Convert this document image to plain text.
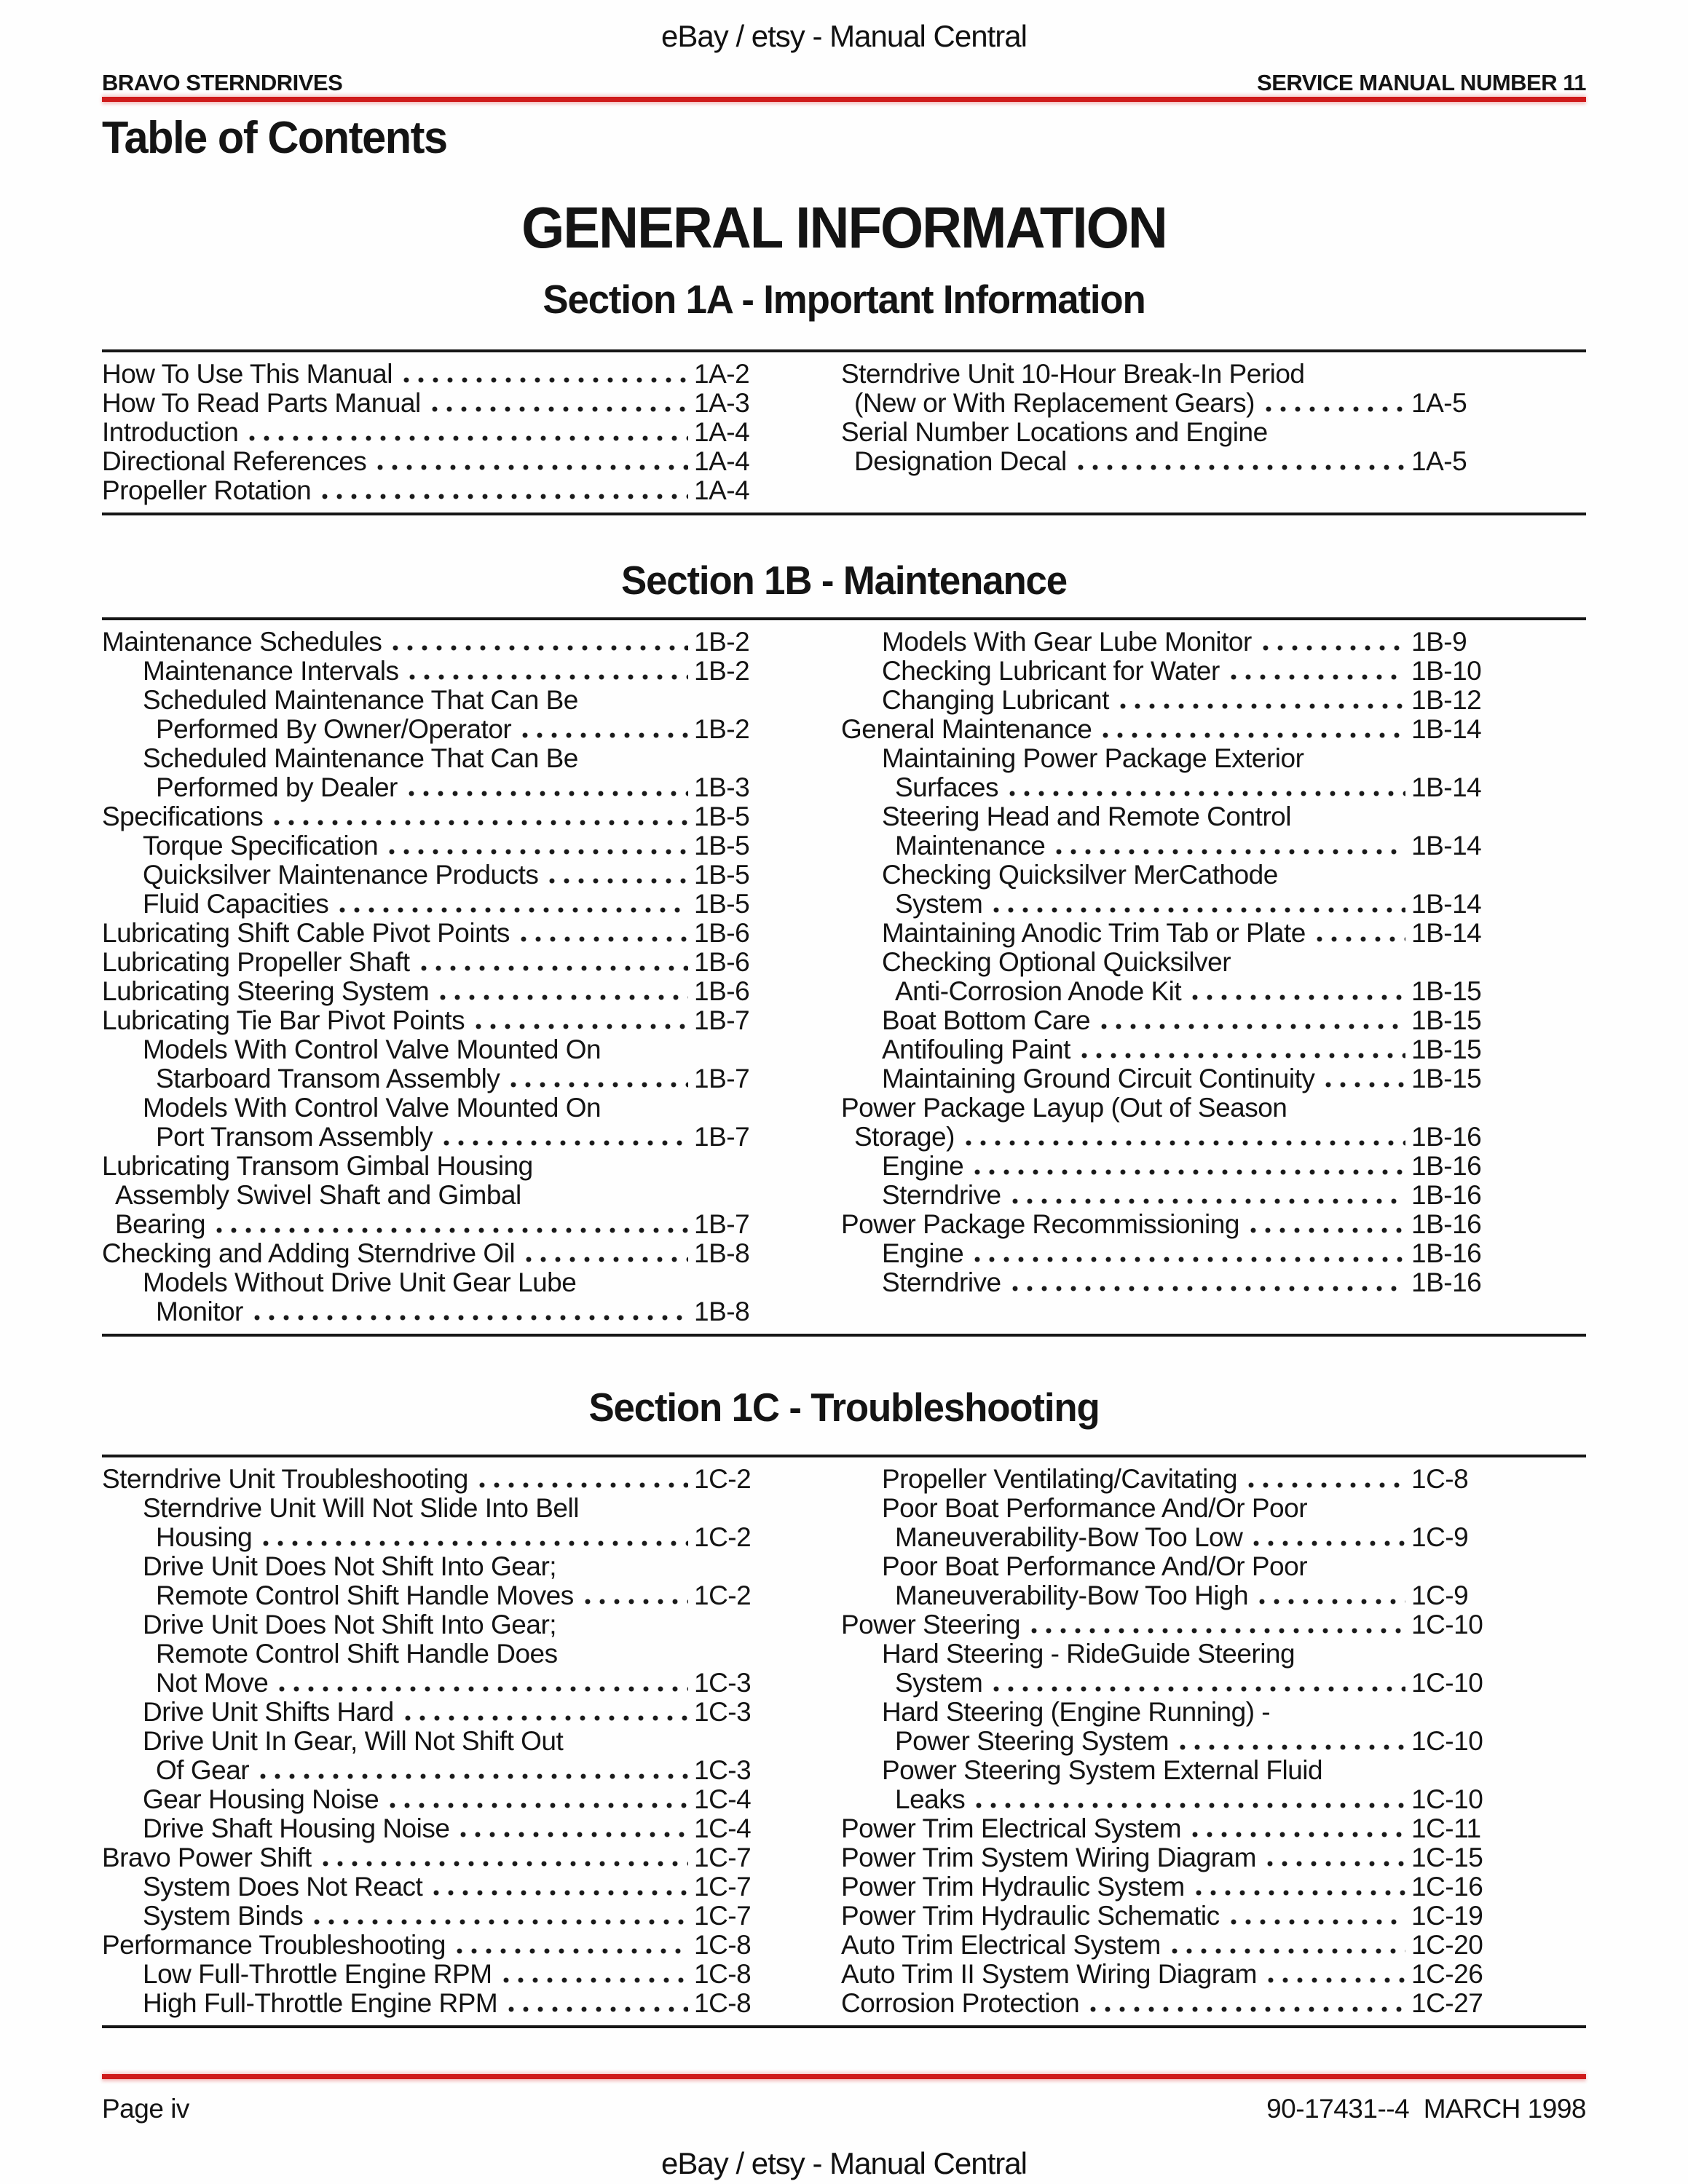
eBay / etsy - Manual Central
BRAVO STERNDRIVES	SERVICE MANUAL NUMBER 11
Table of Contents
GENERAL INFORMATION
Section 1A - Important Information
How To Use This Manual	1A-2
How To Read Parts Manual	1A-3
Introduction	1A-4
Directional References	1A-4
Propeller Rotation	1A-4
Sterndrive Unit 10-Hour Break-In Period
(New or With Replacement Gears)	1A-5
Serial Number Locations and Engine
Designation Decal	1A-5
Section 1B - Maintenance
Maintenance Schedules	1B-2
Maintenance Intervals	1B-2
Scheduled Maintenance That Can Be
Performed By Owner/Operator	1B-2
Scheduled Maintenance That Can Be
Performed by Dealer	1B-3
Specifications	1B-5
Torque Specification	1B-5
Quicksilver Maintenance Products	1B-5
Fluid Capacities	1B-5
Lubricating Shift Cable Pivot Points	1B-6
Lubricating Propeller Shaft	1B-6
Lubricating Steering System	1B-6
Lubricating Tie Bar Pivot Points	1B-7
Models With Control Valve Mounted On
Starboard Transom Assembly	1B-7
Models With Control Valve Mounted On
Port Transom Assembly	1B-7
Lubricating Transom Gimbal Housing
Assembly Swivel Shaft and Gimbal
Bearing	1B-7
Checking and Adding Sterndrive Oil	1B-8
Models Without Drive Unit Gear Lube
Monitor	1B-8
Models With Gear Lube Monitor	1B-9
Checking Lubricant for Water	1B-10
Changing Lubricant	1B-12
General Maintenance	1B-14
Maintaining Power Package Exterior
Surfaces	1B-14
Steering Head and Remote Control
Maintenance	1B-14
Checking Quicksilver MerCathode
System	1B-14
Maintaining Anodic Trim Tab or Plate	1B-14
Checking Optional Quicksilver
Anti-Corrosion Anode Kit	1B-15
Boat Bottom Care	1B-15
Antifouling Paint	1B-15
Maintaining Ground Circuit Continuity	1B-15
Power Package Layup (Out of Season
Storage)	1B-16
Engine	1B-16
Sterndrive	1B-16
Power Package Recommissioning	1B-16
Engine	1B-16
Sterndrive	1B-16
Section 1C - Troubleshooting
Sterndrive Unit Troubleshooting	1C-2
Sterndrive Unit Will Not Slide Into Bell
Housing	1C-2
Drive Unit Does Not Shift Into Gear;
Remote Control Shift Handle Moves	1C-2
Drive Unit Does Not Shift Into Gear;
Remote Control Shift Handle Does
Not Move	1C-3
Drive Unit Shifts Hard	1C-3
Drive Unit In Gear, Will Not Shift Out
Of Gear	1C-3
Gear Housing Noise	1C-4
Drive Shaft Housing Noise	1C-4
Bravo Power Shift	1C-7
System Does Not React	1C-7
System Binds	1C-7
Performance Troubleshooting	1C-8
Low Full-Throttle Engine RPM	1C-8
High Full-Throttle Engine RPM	1C-8
Propeller Ventilating/Cavitating	1C-8
Poor Boat Performance And/Or Poor
Maneuverability-Bow Too Low	1C-9
Poor Boat Performance And/Or Poor
Maneuverability-Bow Too High	1C-9
Power Steering	1C-10
Hard Steering - RideGuide Steering
System	1C-10
Hard Steering (Engine Running) -
Power Steering System	1C-10
Power Steering System External Fluid
Leaks	1C-10
Power Trim Electrical System	1C-11
Power Trim System Wiring Diagram	1C-15
Power Trim Hydraulic System	1C-16
Power Trim Hydraulic Schematic	1C-19
Auto Trim Electrical System	1C-20
Auto Trim II System Wiring Diagram	1C-26
Corrosion Protection	1C-27
Page iv	90-17431--4  MARCH 1998
eBay / etsy - Manual Central
